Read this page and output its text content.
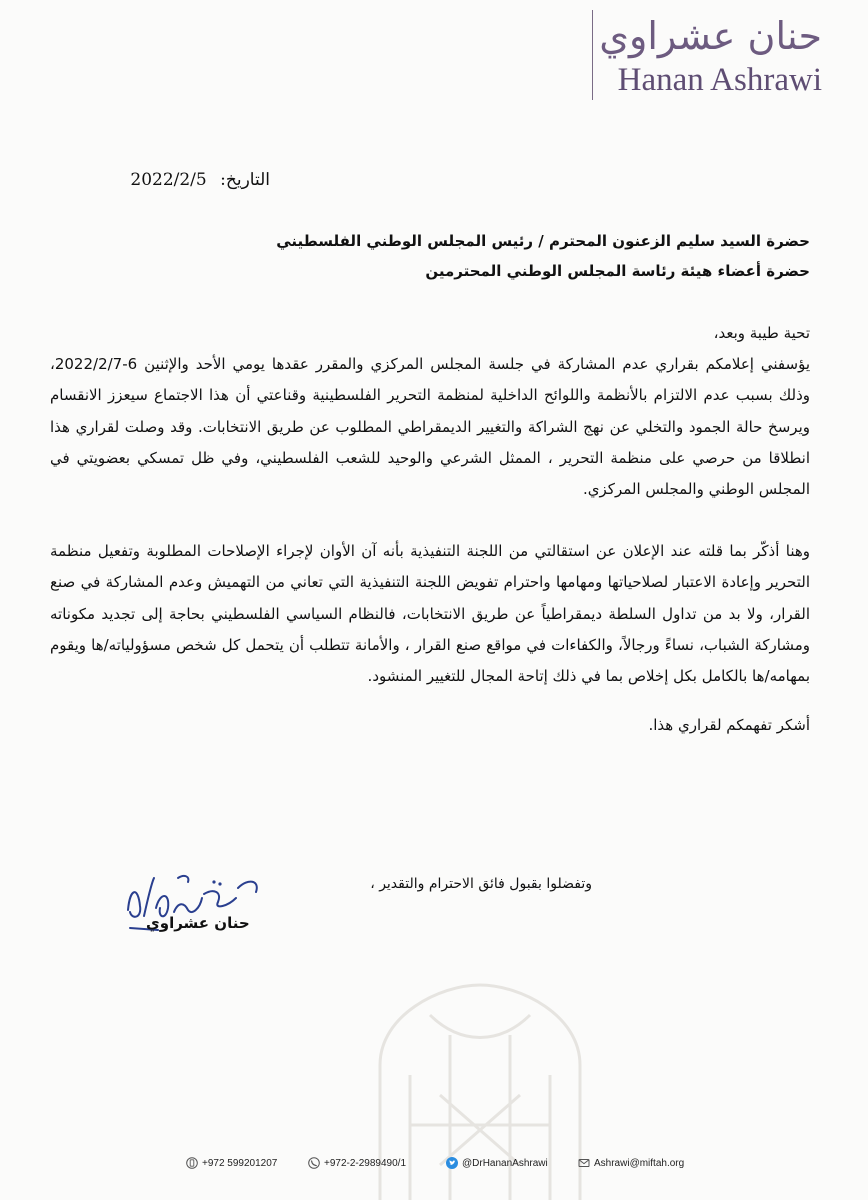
حنان عشراوي
Hanan Ashrawi
التاريخ: 2022/2/5
حضرة السيد سليم الزعنون المحترم / رئيس المجلس الوطني الفلسطيني
حضرة أعضاء هيئة رئاسة المجلس الوطني المحترمين

تحية طيبة وبعد،

يؤسفني إعلامكم بقراري عدم المشاركة في جلسة المجلس المركزي والمقرر عقدها يومي الأحد والإثنين 6-2022/2/7، وذلك بسبب عدم الالتزام بالأنظمة واللوائح الداخلية لمنظمة التحرير الفلسطينية وقناعتي أن هذا الاجتماع سيعزز الانقسام ويرسخ حالة الجمود والتخلي عن نهج الشراكة والتغيير الديمقراطي المطلوب عن طريق الانتخابات. وقد وصلت لقراري هذا انطلاقا من حرصي على منظمة التحرير ، الممثل الشرعي والوحيد للشعب الفلسطيني، وفي ظل تمسكي بعضويتي في المجلس الوطني والمجلس المركزي.

وهنا أذكّر بما قلته عند الإعلان عن استقالتي من اللجنة التنفيذية بأنه آن الأوان لإجراء الإصلاحات المطلوبة وتفعيل منظمة التحرير وإعادة الاعتبار لصلاحياتها ومهامها واحترام تفويض اللجنة التنفيذية التي تعاني من التهميش وعدم المشاركة في صنع القرار، ولا بد من تداول السلطة ديمقراطياً عن طريق الانتخابات، فالنظام السياسي الفلسطيني بحاجة إلى تجديد مكوناته ومشاركة الشباب، نساءً ورجالاً، والكفاءات في مواقع صنع القرار ، والأمانة تتطلب أن يتحمل كل شخص مسؤولياته/ها ويقوم بمهامه/ها بالكامل بكل إخلاص بما في ذلك إتاحة المجال للتغيير المنشود.

أشكر تفهمكم لقراري هذا.

وتفضلوا بقبول فائق الاحترام والتقدير ،
حنان عشراوي
+972 599201207	+972-2-2989490/1	@DrHananAshrawi	Ashrawi@miftah.org
